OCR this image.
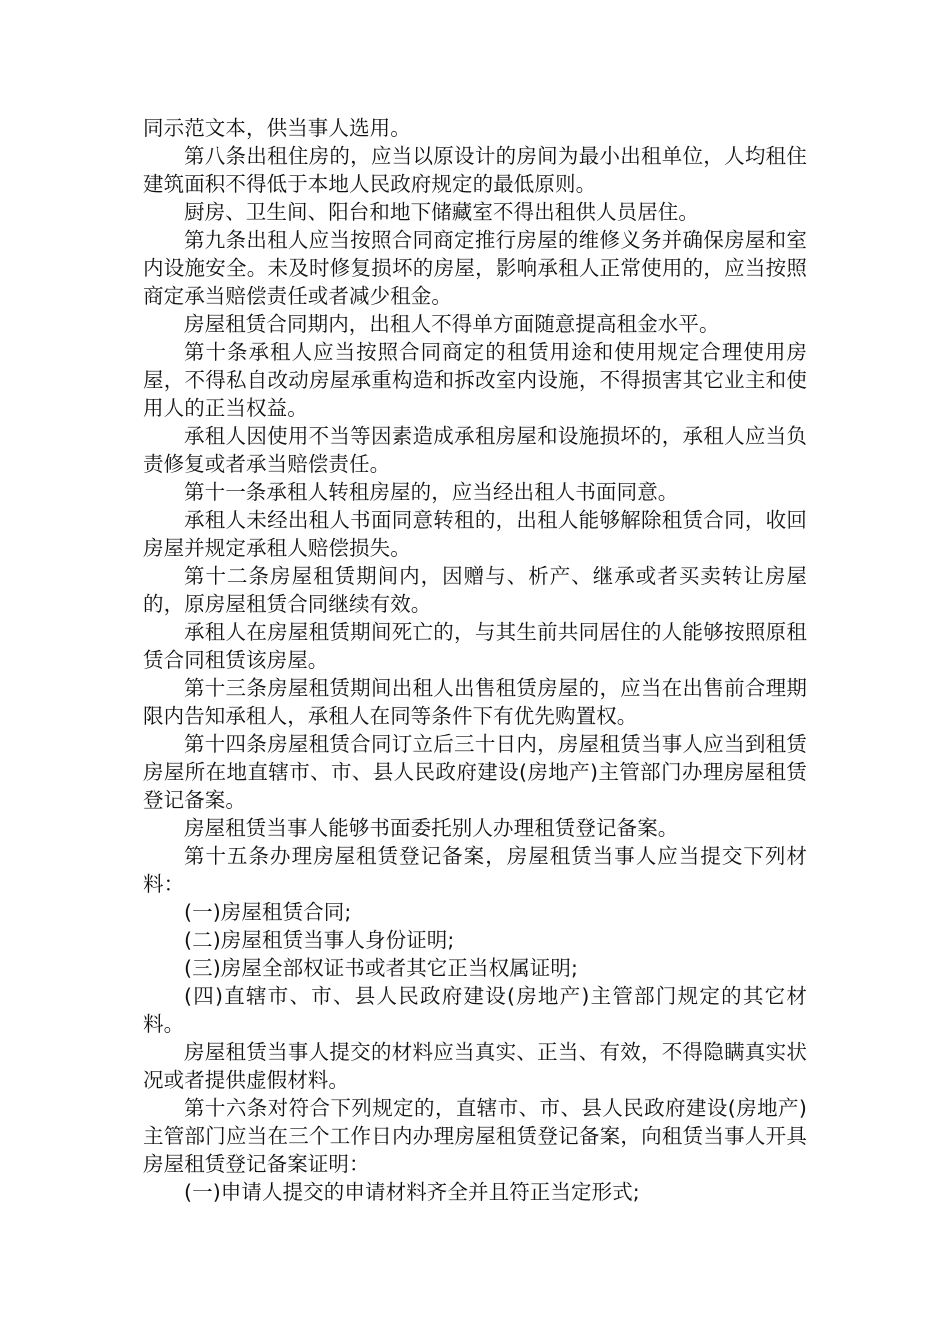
同示范文本，供当事人选用。

第八条出租住房的，应当以原设计的房间为最小出租单位，人均租住建筑面积不得低于本地人民政府规定的最低原则。

厨房、卫生间、阳台和地下储藏室不得出租供人员居住。

第九条出租人应当按照合同商定推行房屋的维修义务并确保房屋和室内设施安全。未及时修复损坏的房屋，影响承租人正常使用的，应当按照商定承当赔偿责任或者减少租金。

房屋租赁合同期内，出租人不得单方面随意提高租金水平。

第十条承租人应当按照合同商定的租赁用途和使用规定合理使用房屋，不得私自改动房屋承重构造和拆改室内设施，不得损害其它业主和使用人的正当权益。

承租人因使用不当等因素造成承租房屋和设施损坏的，承租人应当负责修复或者承当赔偿责任。

第十一条承租人转租房屋的，应当经出租人书面同意。

承租人未经出租人书面同意转租的，出租人能够解除租赁合同，收回房屋并规定承租人赔偿损失。

第十二条房屋租赁期间内，因赠与、析产、继承或者买卖转让房屋的，原房屋租赁合同继续有效。

承租人在房屋租赁期间死亡的，与其生前共同居住的人能够按照原租赁合同租赁该房屋。

第十三条房屋租赁期间出租人出售租赁房屋的，应当在出售前合理期限内告知承租人，承租人在同等条件下有优先购置权。

第十四条房屋租赁合同订立后三十日内，房屋租赁当事人应当到租赁房屋所在地直辖市、市、县人民政府建设(房地产)主管部门办理房屋租赁登记备案。

房屋租赁当事人能够书面委托别人办理租赁登记备案。

第十五条办理房屋租赁登记备案，房屋租赁当事人应当提交下列材料：

(一)房屋租赁合同;

(二)房屋租赁当事人身份证明;

(三)房屋全部权证书或者其它正当权属证明;

(四)直辖市、市、县人民政府建设(房地产)主管部门规定的其它材料。

房屋租赁当事人提交的材料应当真实、正当、有效，不得隐瞒真实状况或者提供虚假材料。

第十六条对符合下列规定的，直辖市、市、县人民政府建设(房地产)主管部门应当在三个工作日内办理房屋租赁登记备案，向租赁当事人开具房屋租赁登记备案证明：

(一)申请人提交的申请材料齐全并且符正当定形式;
